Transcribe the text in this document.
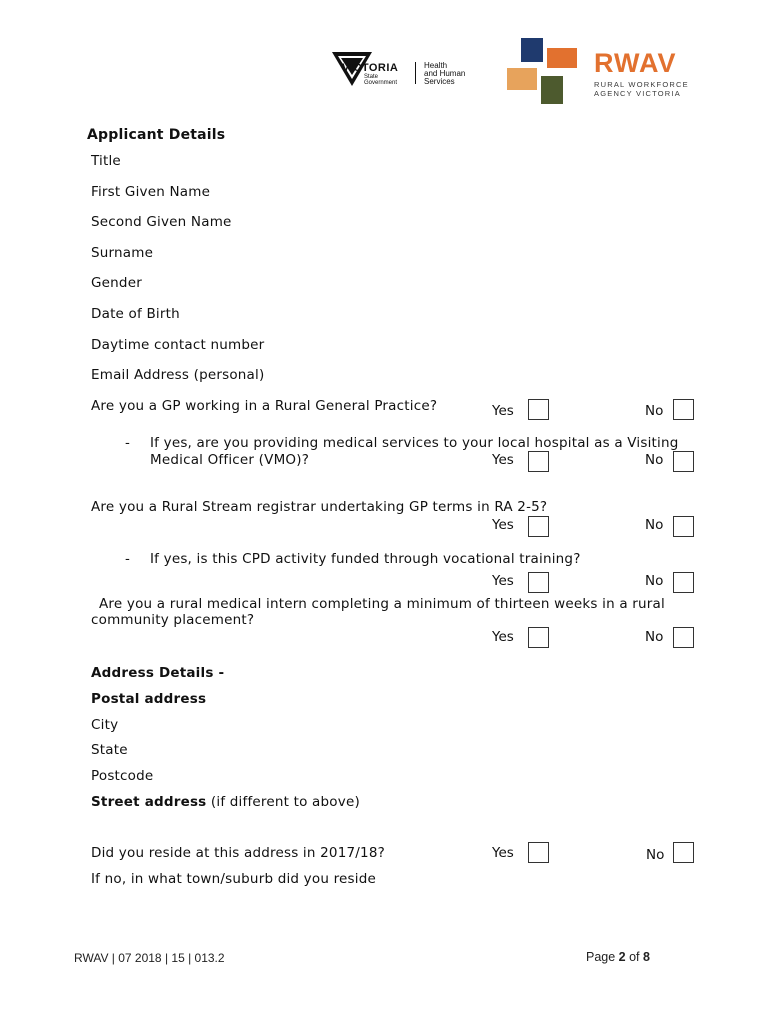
VICTORIA
State
Government
Health
and Human
Services
RWAV
RURAL WORKFORCE
AGENCY VICTORIA
Applicant Details
Title
First Given Name
Second Given Name
Surname
Gender
Date of Birth
Daytime contact number
Email Address (personal)
Are you a GP working in a Rural General Practice?	Yes	No
- If yes, are you providing medical services to your local hospital as a Visiting
Medical Officer (VMO)?	Yes	No
Are you a Rural Stream registrar undertaking GP terms in RA 2-5?
Yes	No
- If yes, is this CPD activity funded through vocational training?
Yes	No
Are you a rural medical intern completing a minimum of thirteen weeks in a rural
community placement?
Yes	No
Address Details -
Postal address
City
State
Postcode
Street address (if different to above)
Did you reside at this address in 2017/18?	Yes	No
If no, in what town/suburb did you reside
RWAV | 07 2018 | 15 | 013.2	Page 2 of 8
